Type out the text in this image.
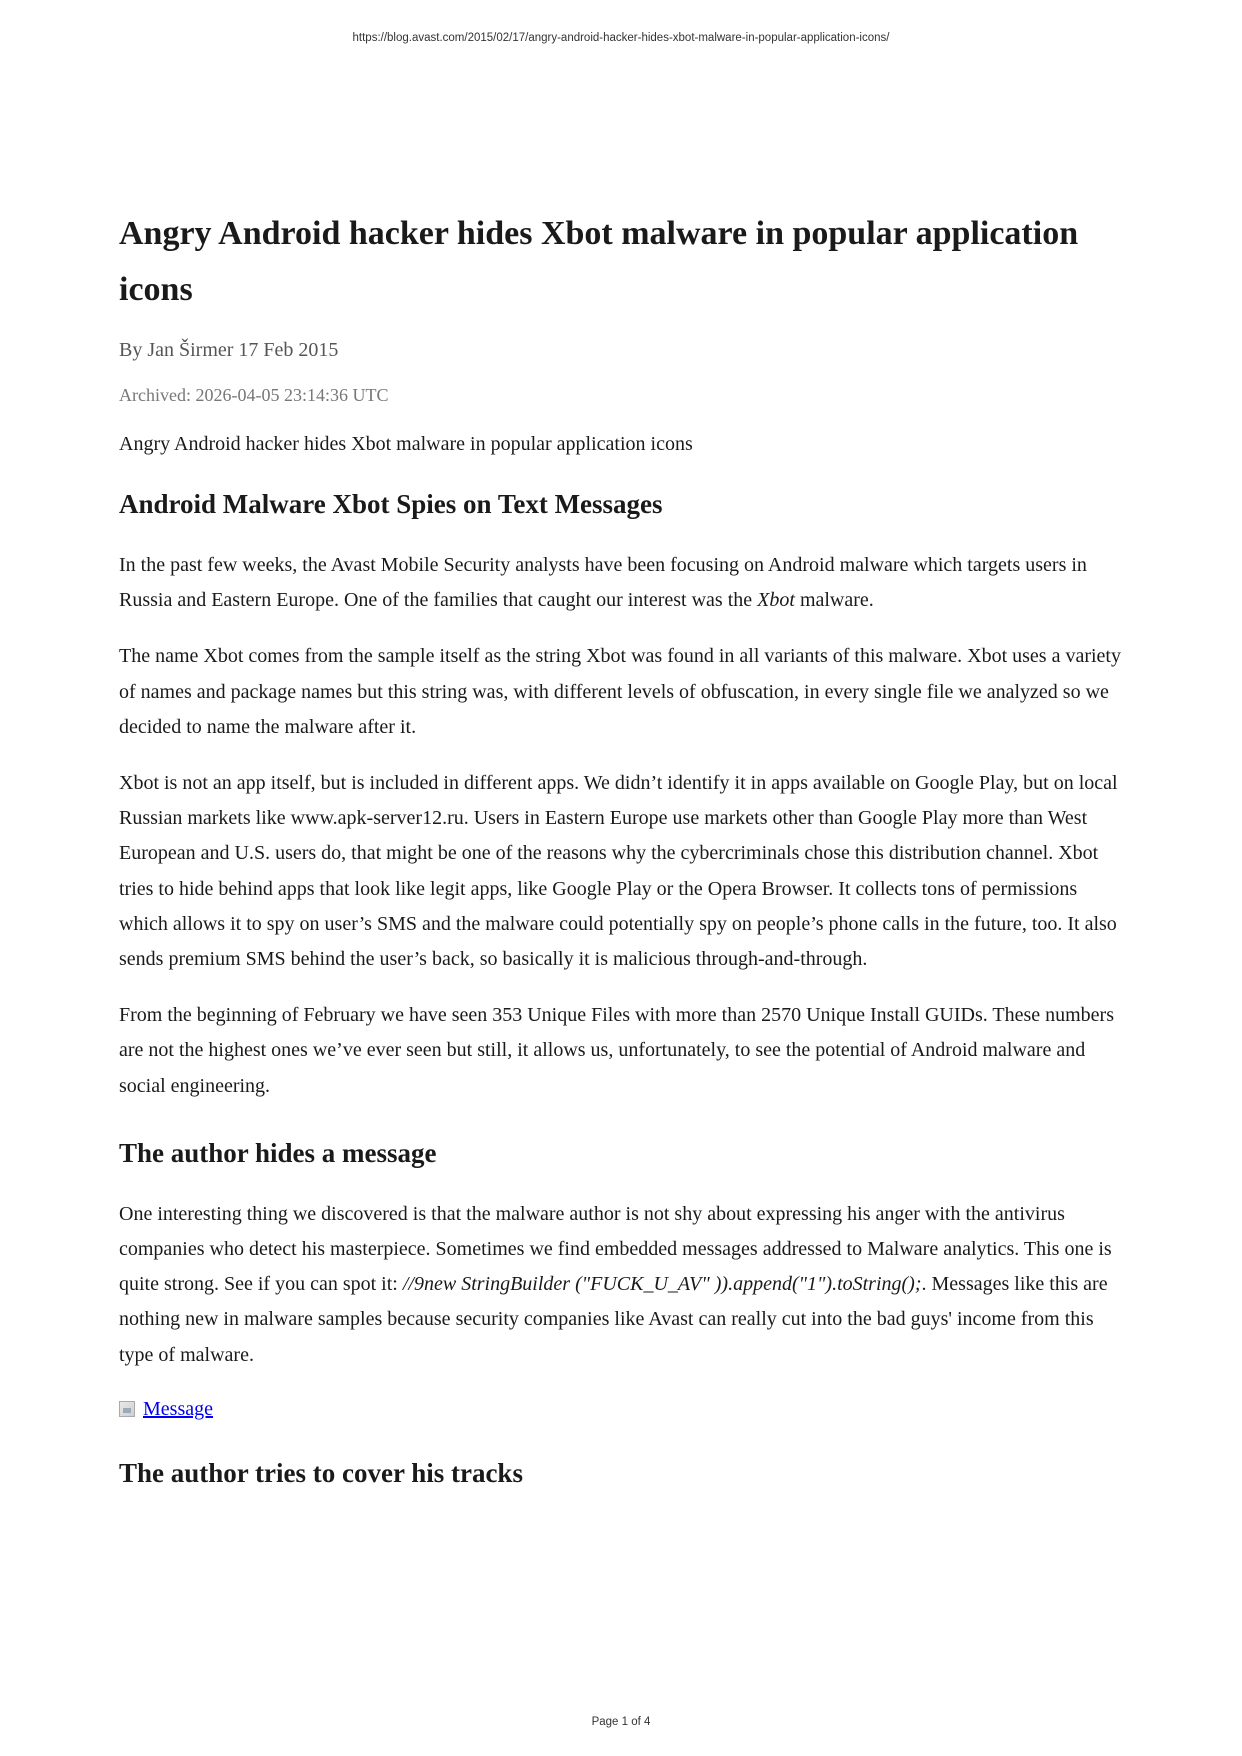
https://blog.avast.com/2015/02/17/angry-android-hacker-hides-xbot-malware-in-popular-application-icons/
Angry Android hacker hides Xbot malware in popular application icons
By Jan Širmer 17 Feb 2015
Archived: 2026-04-05 23:14:36 UTC
Angry Android hacker hides Xbot malware in popular application icons
Android Malware Xbot Spies on Text Messages

In the past few weeks, the Avast Mobile Security analysts have been focusing on Android malware which targets users in Russia and Eastern Europe. One of the families that caught our interest was the Xbot malware.

The name Xbot comes from the sample itself as the string Xbot was found in all variants of this malware. Xbot uses a variety of names and package names but this string was, with different levels of obfuscation, in every single file we analyzed so we decided to name the malware after it.

Xbot is not an app itself, but is included in different apps. We didn’t identify it in apps available on Google Play, but on local Russian markets like www.apk-server12.ru. Users in Eastern Europe use markets other than Google Play more than West European and U.S. users do, that might be one of the reasons why the cybercriminals chose this distribution channel. Xbot tries to hide behind apps that look like legit apps, like Google Play or the Opera Browser. It collects tons of permissions which allows it to spy on user’s SMS and the malware could potentially spy on people’s phone calls in the future, too. It also sends premium SMS behind the user’s back, so basically it is malicious through-and-through.

From the beginning of February we have seen 353 Unique Files with more than 2570 Unique Install GUIDs. These numbers are not the highest ones we’ve ever seen but still, it allows us, unfortunately, to see the potential of Android malware and social engineering.

The author hides a message

One interesting thing we discovered is that the malware author is not shy about expressing his anger with the antivirus companies who detect his masterpiece. Sometimes we find embedded messages addressed to Malware analytics. This one is quite strong. See if you can spot it: //9new StringBuilder ("FUCK_U_AV" )).append("1").toString();. Messages like this are nothing new in malware samples because security companies like Avast can really cut into the bad guys' income from this type of malware.

Message
The author tries to cover his tracks
Page 1 of 4
